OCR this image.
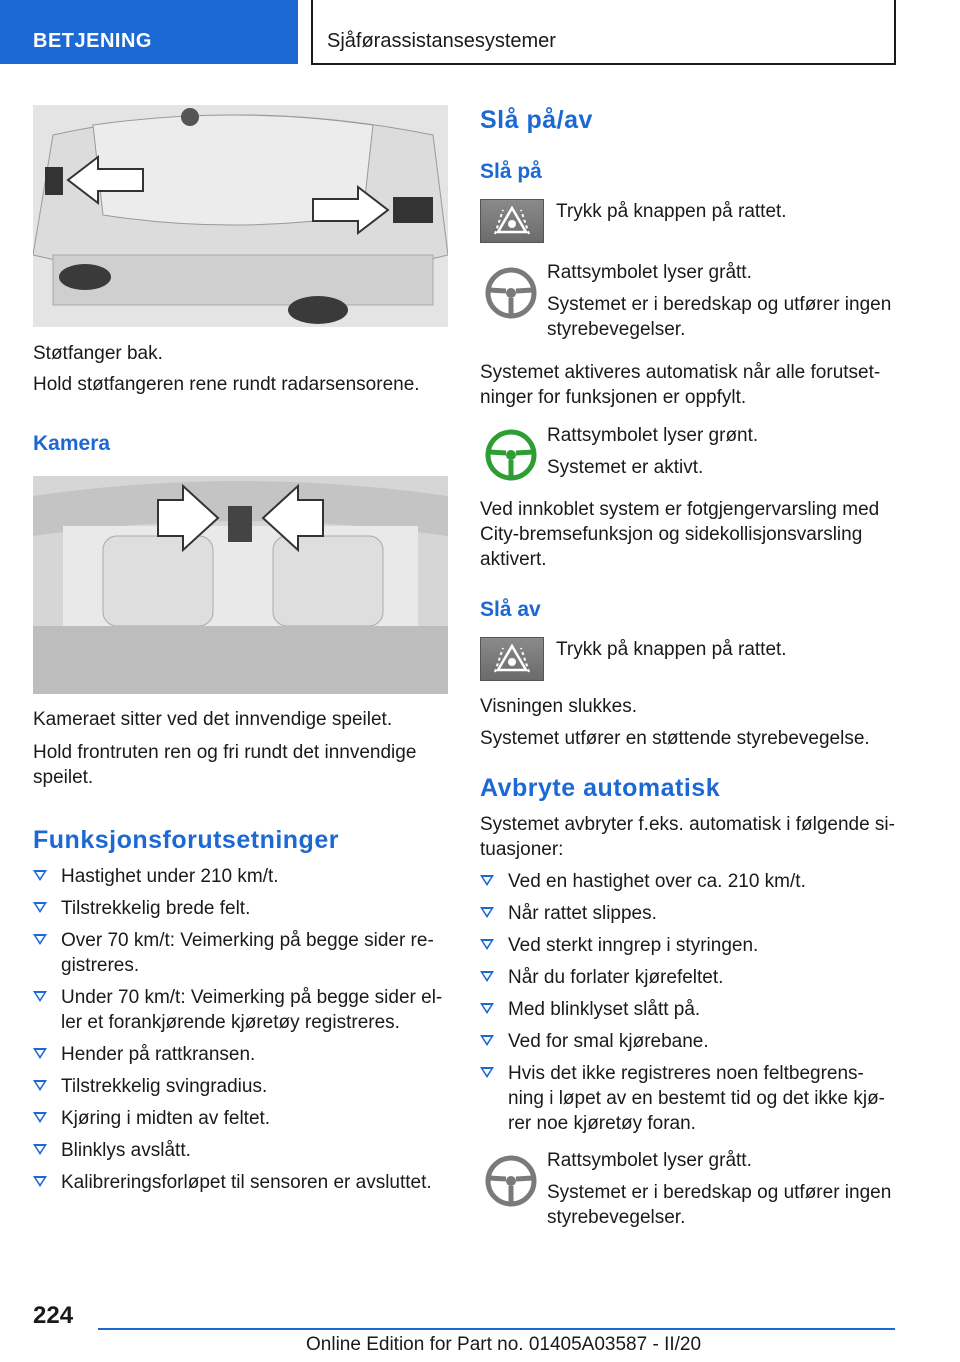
BETJENING	Sjåførassistansesystemer

Støtfanger bak.

Hold støtfangeren rene rundt radarsensorene.

Kamera

Kameraet sitter ved det innvendige speilet.

Hold frontruten ren og fri rundt det innvendige speilet.

Funksjonsforutsetninger
Hastighet under 210 km/t.
Tilstrekkelig brede felt.
Over 70 km/t: Veimerking på begge sider re-gistreres.
Under 70 km/t: Veimerking på begge sider el-ler et forankjørende kjøretøy registreres.
Hender på rattkransen.
Tilstrekkelig svingradius.
Kjøring i midten av feltet.
Blinklys avslått.
Kalibreringsforløpet til sensoren er avsluttet.
Slå på/av
Slå på

Trykk på knappen på rattet.

Rattsymbolet lyser grått.

Systemet er i beredskap og utfører ingen styrebevegelser.

Systemet aktiveres automatisk når alle forutset-ninger for funksjonen er oppfylt.

Rattsymbolet lyser grønt.

Systemet er aktivt.

Ved innkoblet system er fotgjengervarsling med City-bremsefunksjon og sidekollisjonsvarsling aktivert.

Slå av

Trykk på knappen på rattet.

Visningen slukkes.

Systemet utfører en støttende styrebevegelse.

Avbryte automatisk

Systemet avbryter f.eks. automatisk i følgende si-tuasjoner:

Ved en hastighet over ca. 210 km/t.
Når rattet slippes.
Ved sterkt inngrep i styringen.
Når du forlater kjørefeltet.
Med blinklyset slått på.
Ved for smal kjørebane.
Hvis det ikke registreres noen feltbegrens-ning i løpet av en bestemt tid og det ikke kjø-rer noe kjøretøy foran.

Rattsymbolet lyser grått.

Systemet er i beredskap og utfører ingen styrebevegelser.

224
Online Edition for Part no. 01405A03587 - II/20
